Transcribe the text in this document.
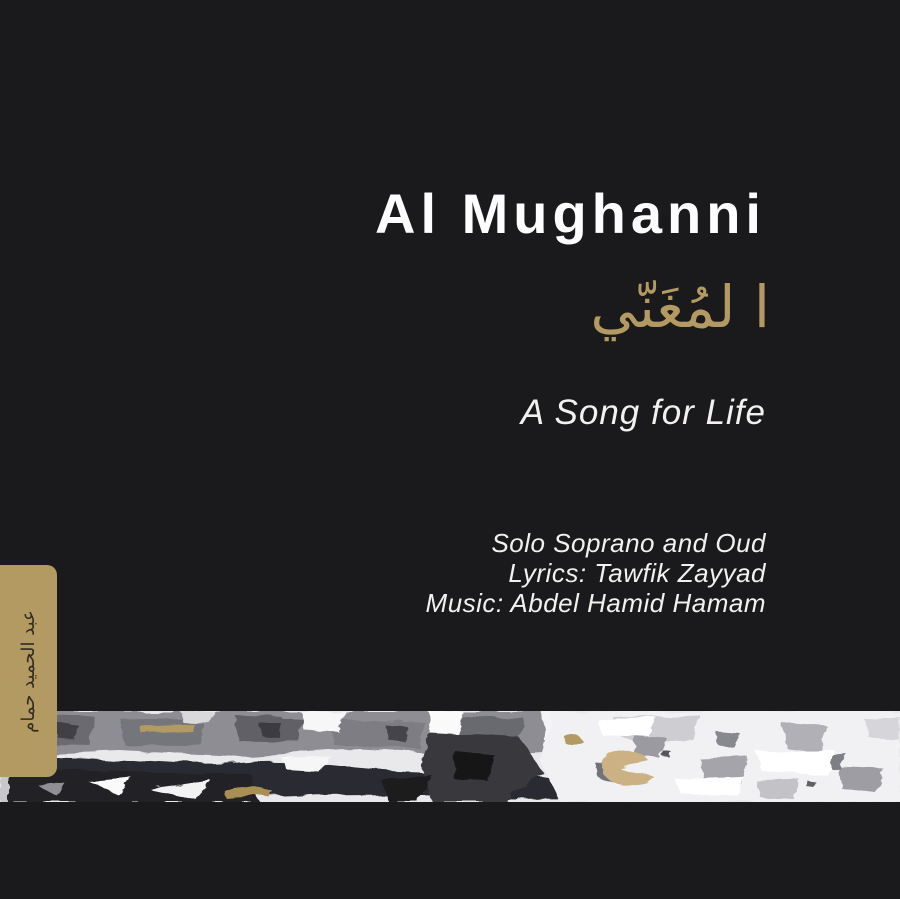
Al Mughanni
ا لمُغَنّي
A Song for Life
Solo Soprano and Oud
Lyrics: Tawfik Zayyad
Music: Abdel Hamid Hamam
عبد الحميد حمام
